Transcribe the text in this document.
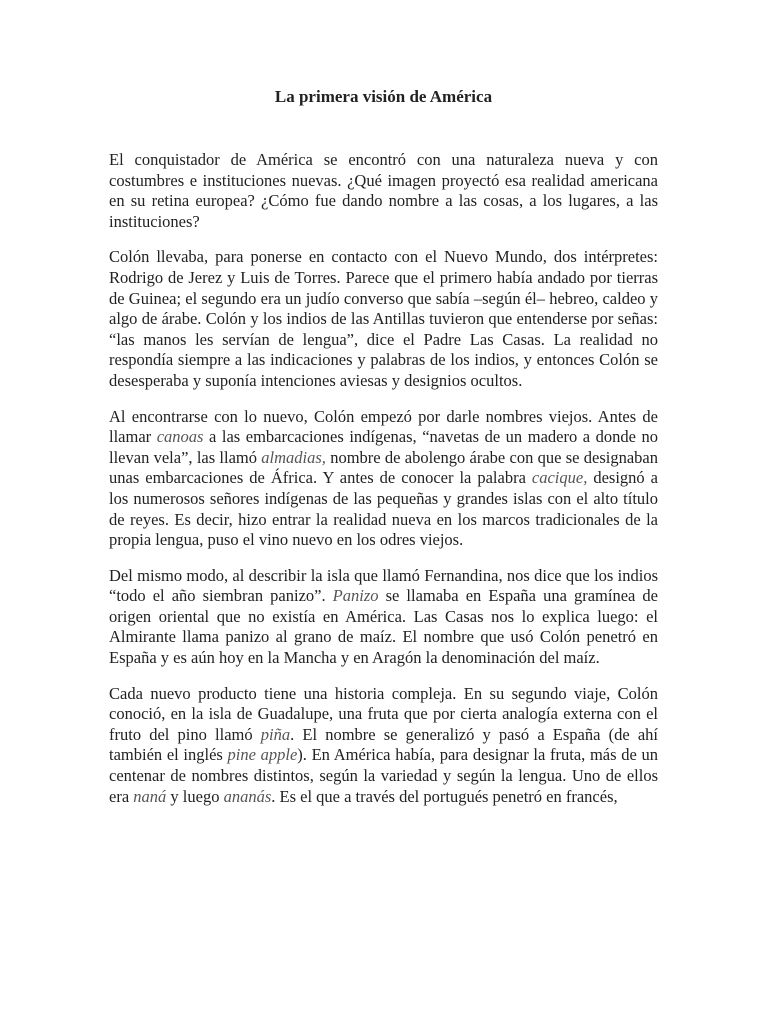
La primera visión de América

El conquistador de América se encontró con una naturaleza nueva y con costumbres e instituciones nuevas. ¿Qué imagen proyectó esa realidad americana en su retina europea? ¿Cómo fue dando nombre a las cosas, a los lugares, a las instituciones?

Colón llevaba, para ponerse en contacto con el Nuevo Mundo, dos intérpretes: Rodrigo de Jerez y Luis de Torres. Parece que el primero había andado por tierras de Guinea; el segundo era un judío converso que sabía –según él– hebreo, caldeo y algo de árabe. Colón y los indios de las Antillas tuvieron que entenderse por señas: “las manos les servían de lengua”, dice el Padre Las Casas. La realidad no respondía siempre a las indicaciones y palabras de los indios, y entonces Colón se desesperaba y suponía intenciones aviesas y designios ocultos.

Al encontrarse con lo nuevo, Colón empezó por darle nombres viejos. Antes de llamar canoas a las embarcaciones indígenas, “navetas de un madero a donde no llevan vela”, las llamó almadias, nombre de abolengo árabe con que se designaban unas embarcaciones de África. Y antes de conocer la palabra cacique, designó a los numerosos señores indígenas de las pequeñas y grandes islas con el alto título de reyes. Es decir, hizo entrar la realidad nueva en los marcos tradicionales de la propia lengua, puso el vino nuevo en los odres viejos.

Del mismo modo, al describir la isla que llamó Fernandina, nos dice que los indios “todo el año siembran panizo”. Panizo se llamaba en España una gramínea de origen oriental que no existía en América. Las Casas nos lo explica luego: el Almirante llama panizo al grano de maíz. El nombre que usó Colón penetró en España y es aún hoy en la Mancha y en Aragón la denominación del maíz.

Cada nuevo producto tiene una historia compleja. En su segundo viaje, Colón conoció, en la isla de Guadalupe, una fruta que por cierta analogía externa con el fruto del pino llamó piña. El nombre se generalizó y pasó a España (de ahí también el inglés pine apple). En América había, para designar la fruta, más de un centenar de nombres distintos, según la variedad y según la lengua. Uno de ellos era naná y luego ananás. Es el que a través del portugués penetró en francés,
